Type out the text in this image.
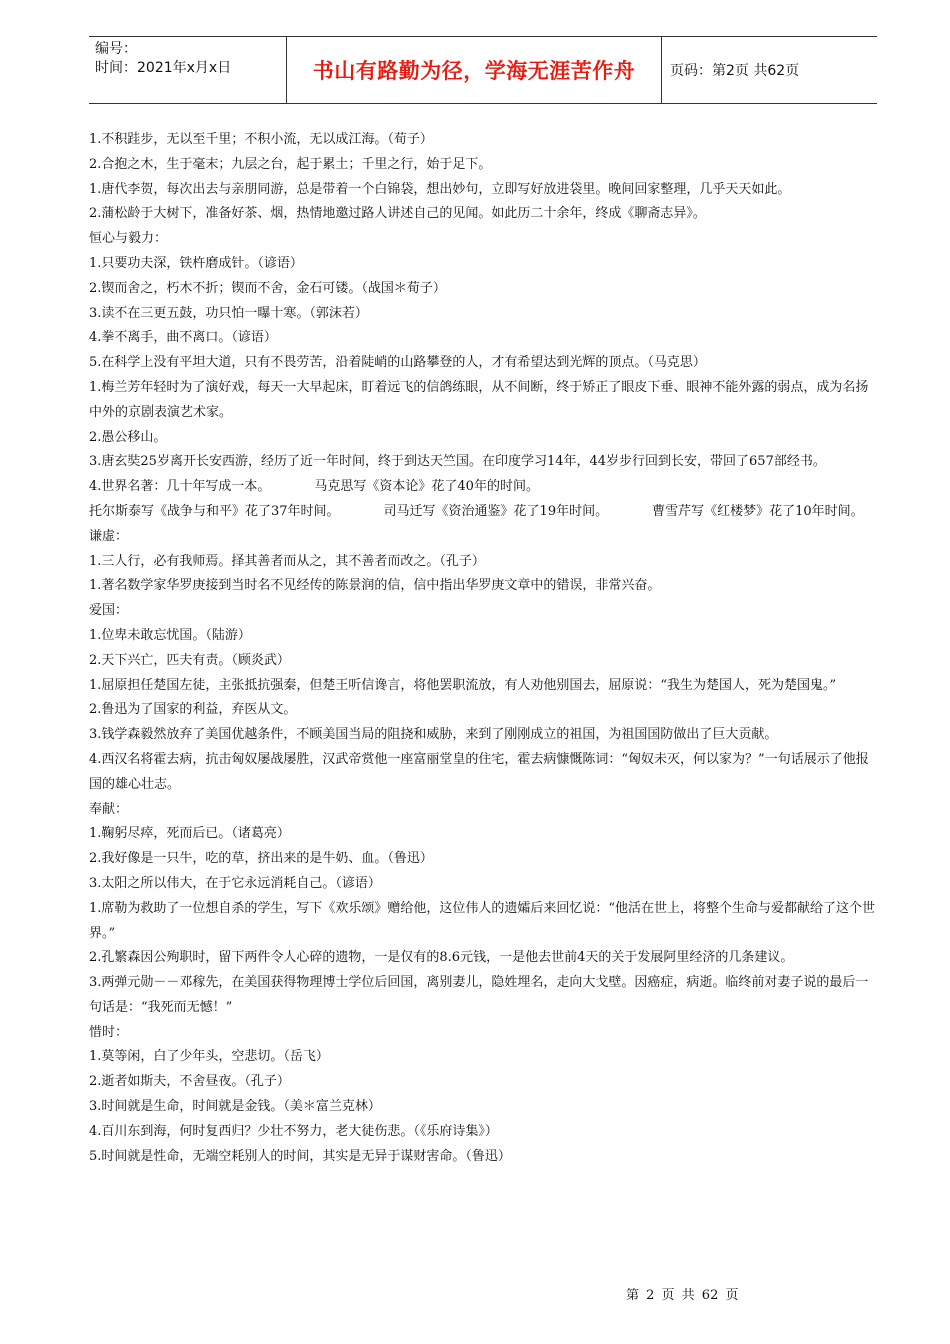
编号：
时间：2021年x月x日	书山有路勤为径，学海无涯苦作舟	页码：第2页 共62页

1.不积跬步，无以至千里；不积小流，无以成江海。（荀子）

2.合抱之木，生于毫末；九层之台，起于累土；千里之行，始于足下。

1.唐代李贺，每次出去与亲朋同游，总是带着一个白锦袋，想出妙句，立即写好放进袋里。晚间回家整理，几乎天天如此。

2.蒲松龄于大树下，准备好茶、烟，热情地邀过路人讲述自己的见闻。如此历二十余年，终成《聊斋志异》。

恒心与毅力：

1.只要功夫深，铁杵磨成针。（谚语）

2.锲而舍之，朽木不折；锲而不舍，金石可镂。（战国＊荀子）

3.读不在三更五鼓，功只怕一曝十寒。（郭沫若）

4.拳不离手，曲不离口。（谚语）

5.在科学上没有平坦大道，只有不畏劳苦，沿着陡峭的山路攀登的人，才有希望达到光辉的顶点。（马克思）

1.梅兰芳年轻时为了演好戏，每天一大早起床，盯着远飞的信鸽练眼，从不间断，终于矫正了眼皮下垂、眼神不能外露的弱点，成为名扬中外的京剧表演艺术家。

2.愚公移山。

3.唐玄奘25岁离开长安西游，经历了近一年时间，终于到达天竺国。在印度学习14年，44岁步行回到长安，带回了657部经书。

4.世界名著：几十年写成一本。	马克思写《资本论》花了40年的时间。

托尔斯泰写《战争与和平》花了37年时间。	司马迁写《资治通鉴》花了19年时间。	曹雪芹写《红楼梦》花了10年时间。

谦虚：

1.三人行，必有我师焉。择其善者而从之，其不善者而改之。（孔子）

1.著名数学家华罗庚接到当时名不见经传的陈景润的信，信中指出华罗庚文章中的错误，非常兴奋。

爱国：

1.位卑未敢忘忧国。（陆游）

2.天下兴亡，匹夫有责。（顾炎武）

1.屈原担任楚国左徒，主张抵抗强秦，但楚王听信谗言，将他罢职流放，有人劝他别国去，屈原说：“我生为楚国人，死为楚国鬼。”

2.鲁迅为了国家的利益，弃医从文。

3.钱学森毅然放弃了美国优越条件，不顾美国当局的阻挠和威胁，来到了刚刚成立的祖国，为祖国国防做出了巨大贡献。

4.西汉名将霍去病，抗击匈奴屡战屡胜，汉武帝赏他一座富丽堂皇的住宅，霍去病慷慨陈词：“匈奴未灭，何以家为？”一句话展示了他报国的雄心壮志。

奉献：

1.鞠躬尽瘁，死而后已。（诸葛亮）

2.我好像是一只牛，吃的草，挤出来的是牛奶、血。（鲁迅）

3.太阳之所以伟大，在于它永远消耗自己。（谚语）

1.席勒为救助了一位想自杀的学生，写下《欢乐颂》赠给他，这位伟人的遗孀后来回忆说：“他活在世上，将整个生命与爱都献给了这个世界。”

2.孔繁森因公殉职时，留下两件令人心碎的遗物，一是仅有的8.6元钱，一是他去世前4天的关于发展阿里经济的几条建议。

3.两弹元勋－－邓稼先，在美国获得物理博士学位后回国，离别妻儿，隐姓埋名，走向大戈壁。因癌症，病逝。临终前对妻子说的最后一句话是：“我死而无憾！”

惜时：

1.莫等闲，白了少年头，空悲切。（岳飞）

2.逝者如斯夫，不舍昼夜。（孔子）

3.时间就是生命，时间就是金钱。（美＊富兰克林）

4.百川东到海，何时复西归？少壮不努力，老大徒伤悲。（《乐府诗集》）

5.时间就是性命，无端空耗别人的时间，其实是无异于谋财害命。（鲁迅）

第 2 页 共 62 页
